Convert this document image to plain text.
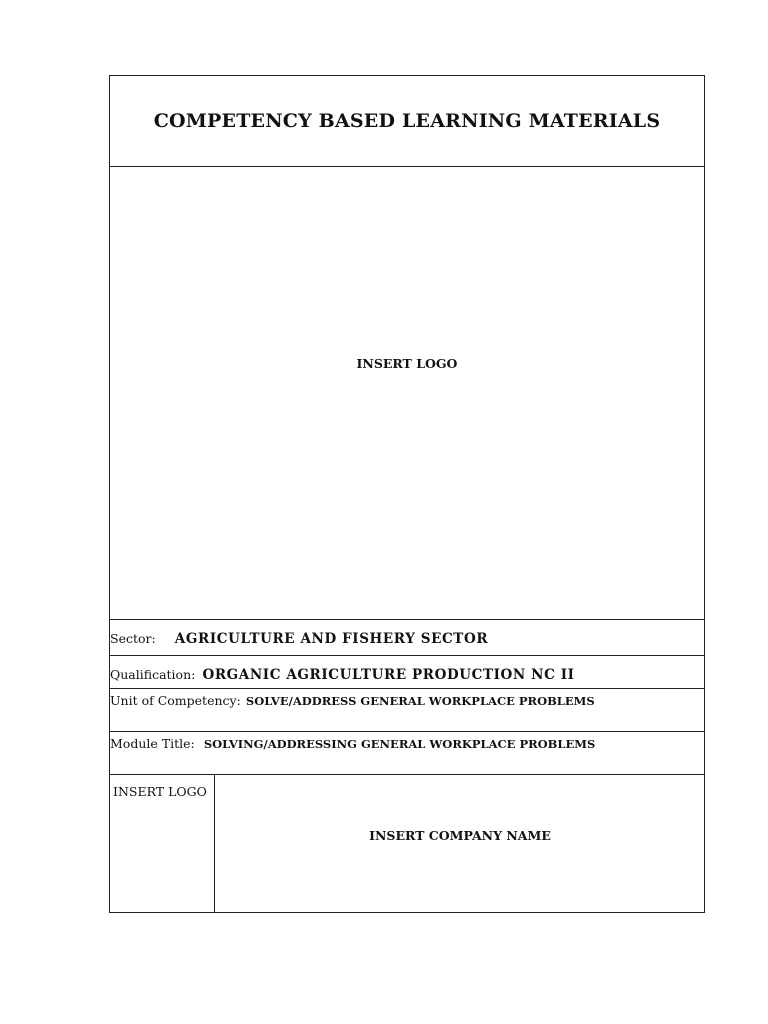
COMPETENCY BASED LEARNING MATERIALS
INSERT LOGO
Sector: AGRICULTURE AND FISHERY SECTOR
Qualification: ORGANIC AGRICULTURE PRODUCTION NC II
Unit of Competency: SOLVE/ADDRESS GENERAL WORKPLACE PROBLEMS
Module Title: SOLVING/ADDRESSING GENERAL WORKPLACE PROBLEMS
INSERT LOGO
INSERT COMPANY NAME
